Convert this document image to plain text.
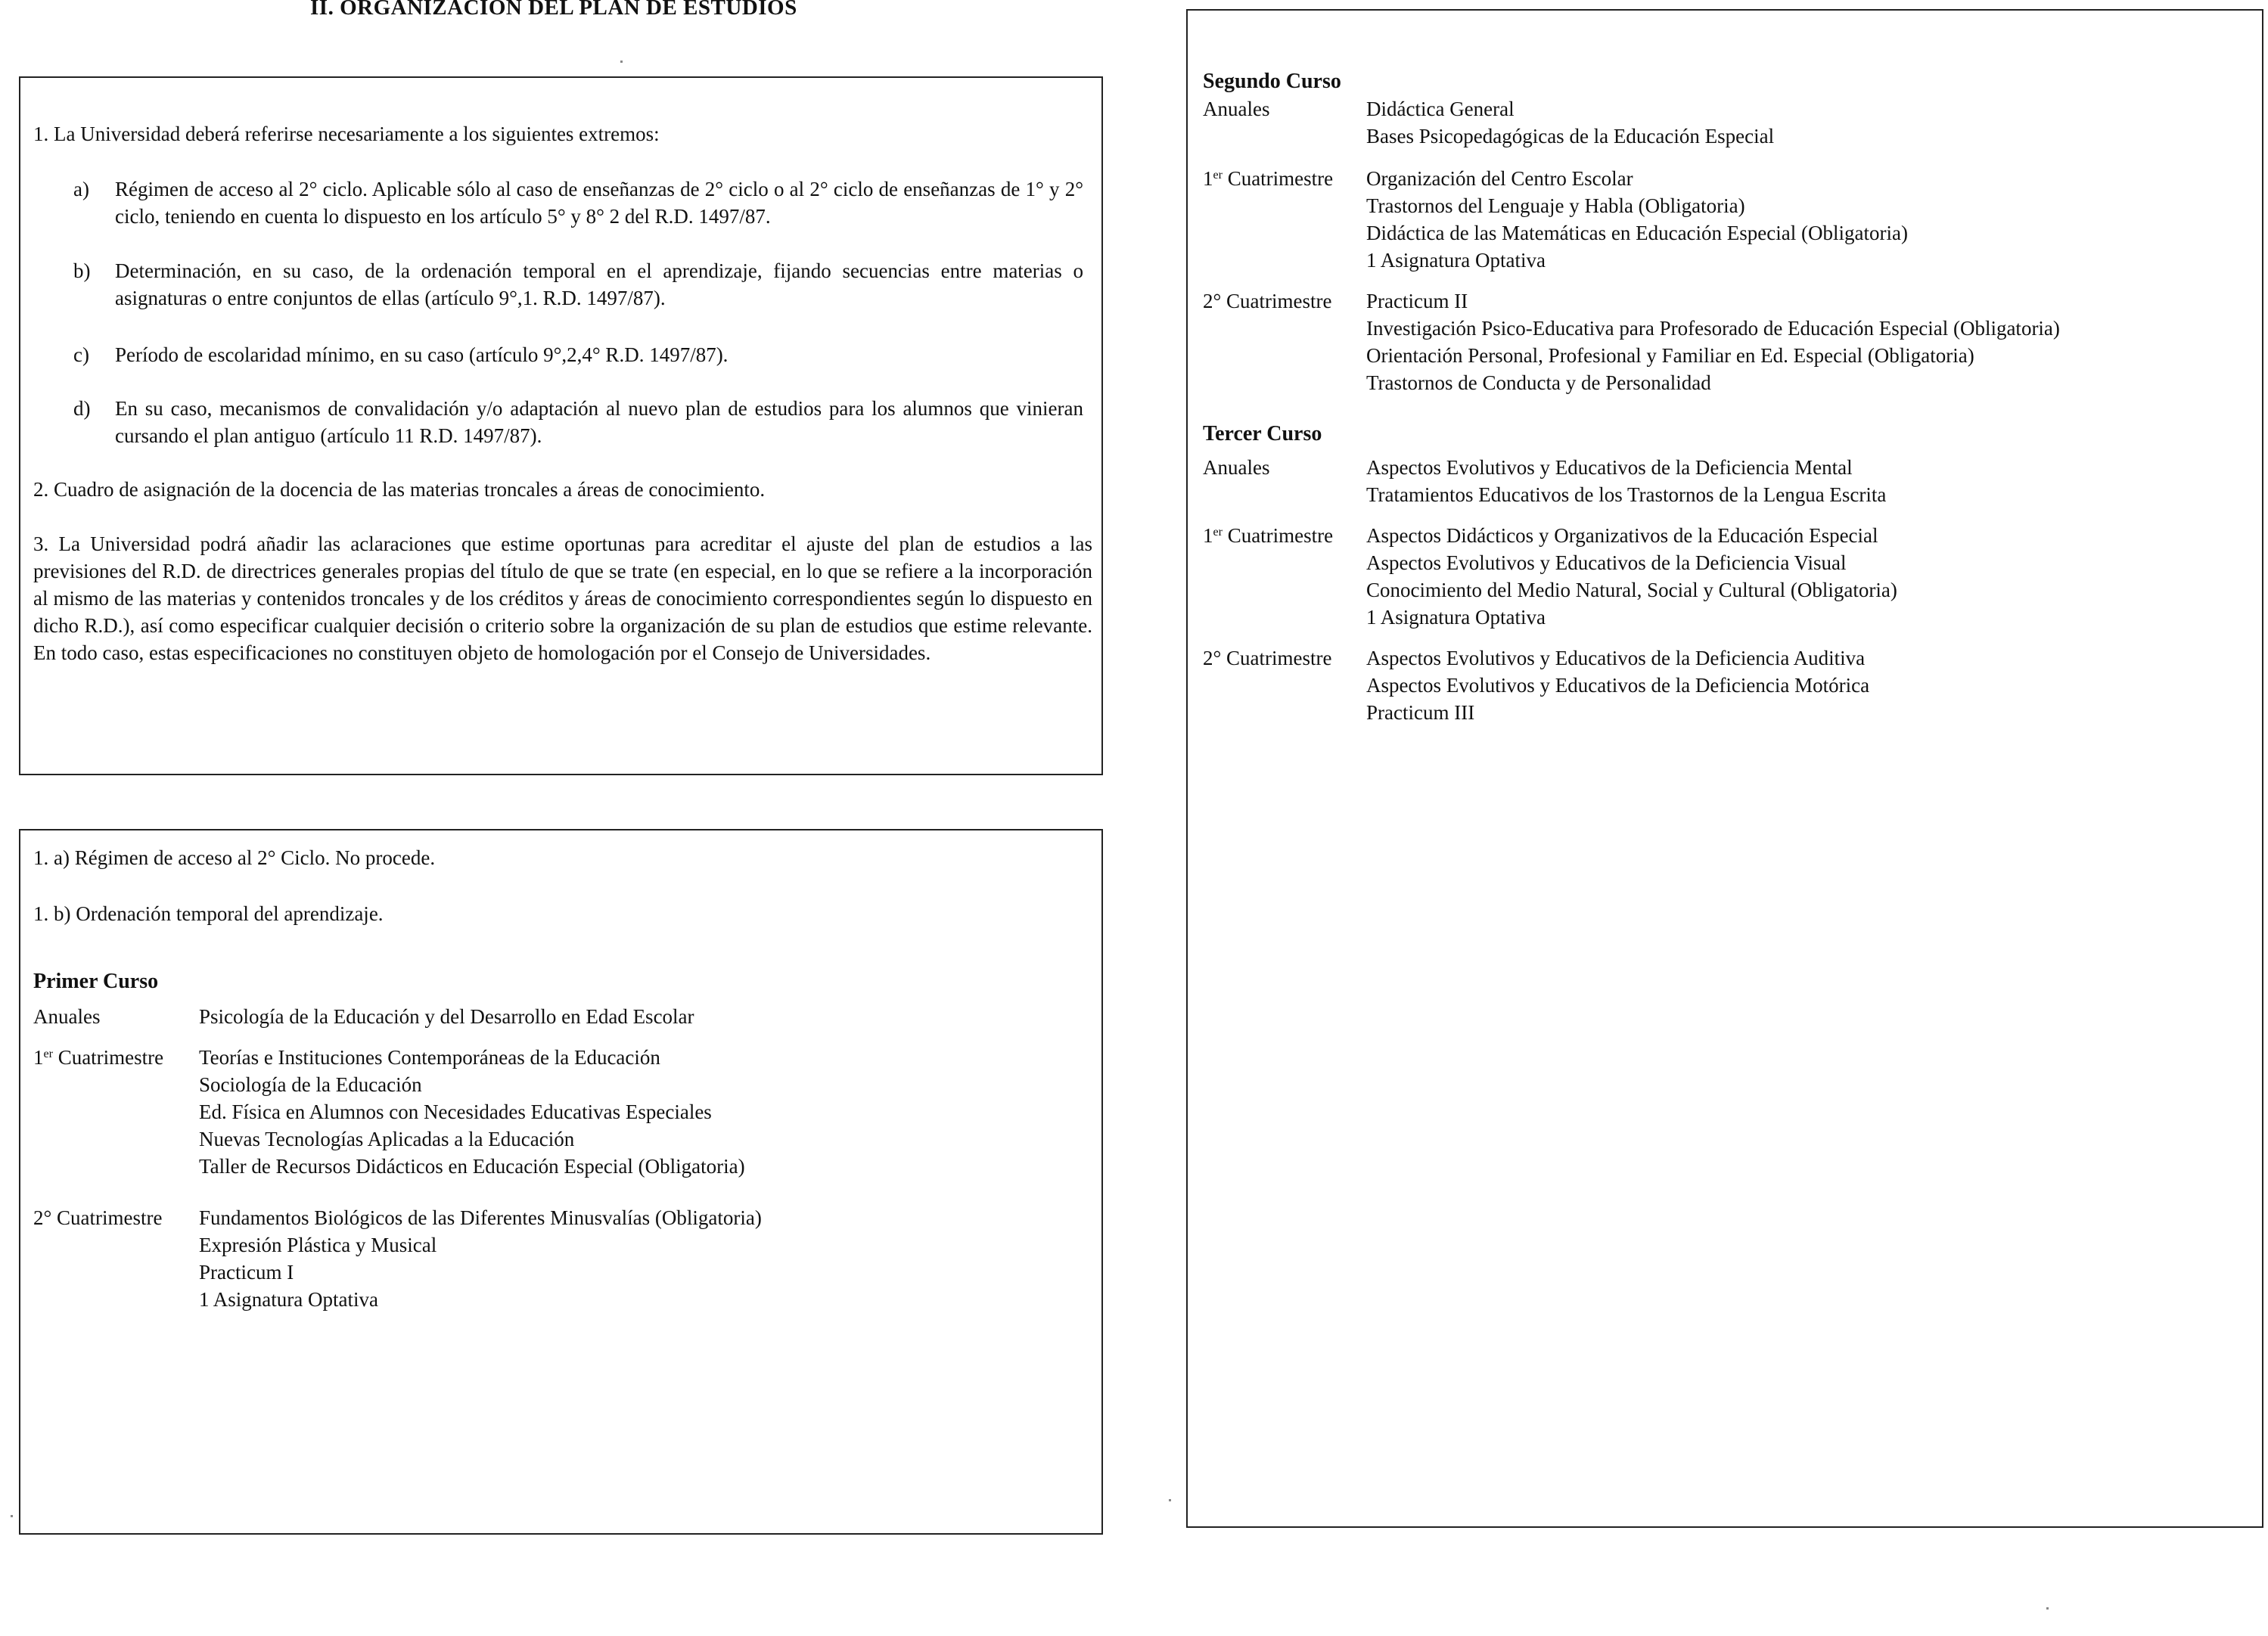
II. ORGANIZACION DEL PLAN DE ESTUDIOS

1. La Universidad deberá referirse necesariamente a los siguientes extremos:

a)	Régimen de acceso al 2° ciclo. Aplicable sólo al caso de enseñanzas de 2° ciclo o al 2° ciclo de enseñanzas de 1° y 2° ciclo, teniendo en cuenta lo dispuesto en los artículo 5° y 8° 2 del R.D. 1497/87.
b)	Determinación, en su caso, de la ordenación temporal en el aprendizaje, fijando secuencias entre materias o asignaturas o entre conjuntos de ellas (artículo 9°,1. R.D. 1497/87).
c)	Período de escolaridad mínimo, en su caso (artículo 9°,2,4° R.D. 1497/87).
d)	En su caso, mecanismos de convalidación y/o adaptación al nuevo plan de estudios para los alumnos que vinieran cursando el plan antiguo (artículo 11 R.D. 1497/87).

2. Cuadro de asignación de la docencia de las materias troncales a áreas de conocimiento.

3. La Universidad podrá añadir las aclaraciones que estime oportunas para acreditar el ajuste del plan de estudios a las previsiones del R.D. de directrices generales propias del título de que se trate (en especial, en lo que se refiere a la incorporación al mismo de las materias y contenidos troncales y de los créditos y áreas de conocimiento correspondientes según lo dispuesto en dicho R.D.), así como especificar cualquier decisión o criterio sobre la organización de su plan de estudios que estime relevante. En todo caso, estas especificaciones no constituyen objeto de homologación por el Consejo de Universidades.

1. a) Régimen de acceso al 2° Ciclo. No procede.
1. b) Ordenación temporal del aprendizaje.
Primer Curso
Anuales	Psicología de la Educación y del Desarrollo en Edad Escolar
1er Cuatrimestre Teorías e Instituciones Contemporáneas de la Educación
Sociología de la Educación
Ed. Física en Alumnos con Necesidades Educativas Especiales
Nuevas Tecnologías Aplicadas a la Educación
Taller de Recursos Didácticos en Educación Especial (Obligatoria)
2° Cuatrimestre Fundamentos Biológicos de las Diferentes Minusvalías (Obligatoria)
Expresión Plástica y Musical
Practicum I
1 Asignatura Optativa
Segundo Curso
Anuales	Didáctica General
Bases Psicopedagógicas de la Educación Especial
1er Cuatrimestre Organización del Centro Escolar
Trastornos del Lenguaje y Habla (Obligatoria)
Didáctica de las Matemáticas en Educación Especial (Obligatoria)
1 Asignatura Optativa
2° Cuatrimestre Practicum II
Investigación Psico-Educativa para Profesorado de Educación Especial (Obligatoria)
Orientación Personal, Profesional y Familiar en Ed. Especial (Obligatoria)
Trastornos de Conducta y de Personalidad
Tercer Curso
Anuales	Aspectos Evolutivos y Educativos de la Deficiencia Mental
Tratamientos Educativos de los Trastornos de la Lengua Escrita
1er Cuatrimestre Aspectos Didácticos y Organizativos de la Educación Especial
Aspectos Evolutivos y Educativos de la Deficiencia Visual
Conocimiento del Medio Natural, Social y Cultural (Obligatoria)
1 Asignatura Optativa
2° Cuatrimestre Aspectos Evolutivos y Educativos de la Deficiencia Auditiva
Aspectos Evolutivos y Educativos de la Deficiencia Motórica
Practicum III
